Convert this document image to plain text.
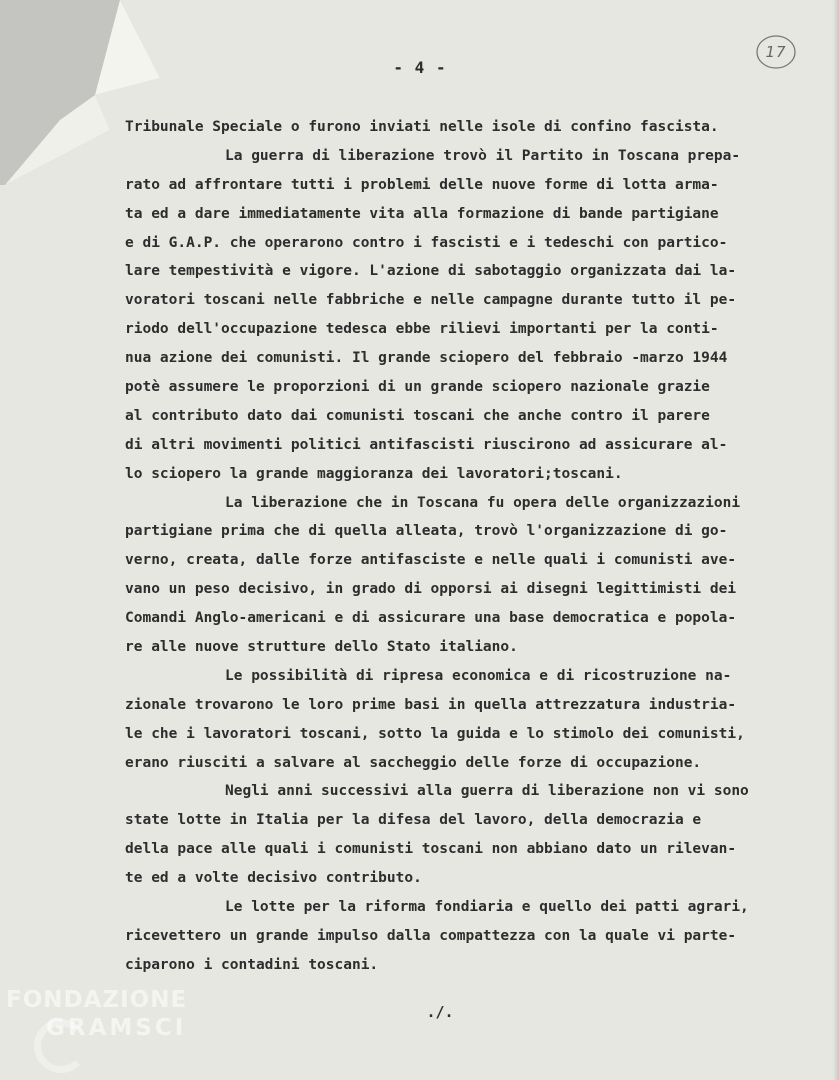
17
- 4 -
Tribunale Speciale o furono inviati nelle isole di confino fascista.
La guerra di liberazione trovò il Partito in Toscana prepa-
rato ad affrontare tutti i problemi delle nuove forme di lotta arma-
ta ed a dare immediatamente vita alla formazione di bande partigiane
e di G.A.P. che operarono contro i fascisti e i tedeschi con partico-
lare tempestività e vigore. L'azione di sabotaggio organizzata dai la-
voratori toscani nelle fabbriche e nelle campagne durante tutto il pe-
riodo dell'occupazione tedesca ebbe rilievi importanti per la conti-
nua azione dei comunisti. Il grande sciopero del febbraio -marzo 1944
potè assumere le proporzioni di un grande sciopero nazionale grazie
al contributo dato dai comunisti toscani che anche contro il parere
di altri movimenti politici antifascisti riuscirono ad assicurare al-
lo sciopero la grande maggioranza dei lavoratori;toscani.
La liberazione che in Toscana fu opera delle organizzazioni
partigiane prima che di quella alleata, trovò l'organizzazione di go-
verno, creata, dalle forze antifasciste e nelle quali i comunisti ave-
vano un peso decisivo, in grado di opporsi ai disegni legittimisti dei
Comandi Anglo-americani e di assicurare una base democratica e popola-
re alle nuove strutture dello Stato italiano.
Le possibilità di ripresa economica e di ricostruzione na-
zionale trovarono le loro prime basi in quella attrezzatura industria-
le che i lavoratori toscani, sotto la guida e lo stimolo dei comunisti,
erano riusciti a salvare al saccheggio delle forze di occupazione.
Negli anni successivi alla guerra di liberazione non vi sono
state lotte in Italia per la difesa del lavoro, della democrazia e
della pace alle quali i comunisti toscani non abbiano dato un rilevan-
te ed a volte decisivo contributo.
Le lotte per la riforma fondiaria e quello dei patti agrari,
ricevettero un grande impulso dalla compattezza con la quale vi parte-
ciparono i contadini toscani.
./.
FONDAZIONE
GRAMSCI
